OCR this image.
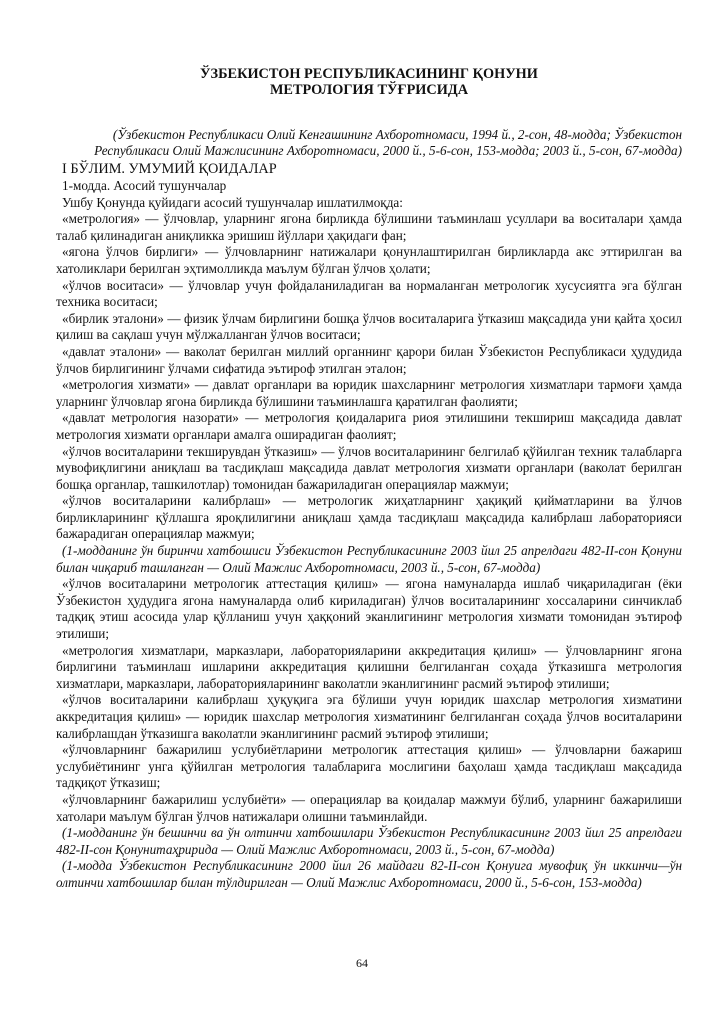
ЎЗБЕКИСТОН РЕСПУБЛИКАСИНИНГ ҚОНУНИ

МЕТРОЛОГИЯ ТЎҒРИСИДА

(Ўзбекистон Республикаси Олий Кенгашининг Ахборотномаси, 1994 й., 2-сон, 48-модда; Ўзбекистон Республикаси Олий Мажлисининг Ахборотномаси, 2000 й., 5-6-сон, 153-модда; 2003 й., 5-сон, 67-модда)

I БЎЛИМ. УМУМИЙ ҚОИДАЛАР

1-модда. Асосий тушунчалар

Ушбу Қонунда қуйидаги асосий тушунчалар ишлатилмоқда:

«метрология» — ўлчовлар, уларнинг ягона бирликда бўлишини таъминлаш усуллари ва воситалари ҳамда талаб қилинадиган аниқликка эришиш йўллари ҳақидаги фан;

«ягона ўлчов бирлиги» — ўлчовларнинг натижалари қонунлаштирилган бирликларда акс эттирилган ва хатоликлари берилган эҳтимолликда маълум бўлган ўлчов ҳолати;

«ўлчов воситаси» — ўлчовлар учун фойдаланиладиган ва нормаланган метрологик хусусиятга эга бўлган техника воситаси;

«бирлик эталони» — физик ўлчам бирлигини бошқа ўлчов воситаларига ўтказиш мақсадида уни қайта ҳосил қилиш ва сақлаш учун мўлжалланган ўлчов воситаси;

«давлат эталони» — ваколат берилган миллий органнинг қарори билан Ўзбекистон Республикаси ҳудудида ўлчов бирлигининг ўлчами сифатида эътироф этилган эталон;

«метрология хизмати» — давлат органлари ва юридик шахсларнинг метрология хизматлари тармоғи ҳамда уларнинг ўлчовлар ягона бирликда бўлишини таъминлашга қаратилган фаолияти;

«давлат метрология назорати» — метрология қоидаларига риоя этилишини текшириш мақсадида давлат метрология хизмати органлари амалга оширадиган фаолият;

«ўлчов воситаларини текширувдан ўтказиш» — ўлчов воситаларининг белгилаб қўйилган техник талабларга мувофиқлигини аниқлаш ва тасдиқлаш мақсадида давлат метрология хизмати органлари (ваколат берилган бошқа органлар, ташкилотлар) томонидан бажариладиган операциялар мажмуи;

«ўлчов воситаларини калибрлаш» — метрологик жиҳатларнинг ҳақиқий қийматларини ва ўлчов бирликларининг қўллашга яроқлилигини аниқлаш ҳамда тасдиқлаш мақсадида калибрлаш лабораторияси бажарадиган операциялар мажмуи;

(1-модданинг ўн биринчи хатбошиси Ўзбекистон Республикасининг 2003 йил 25 апрелдаги 482-II-сон Қонуни билан чиқариб ташланган — Олий Мажлис Ахборотномаси, 2003 й., 5-сон, 67-модда)

«ўлчов воситаларини метрологик аттестация қилиш» — ягона намуналарда ишлаб чиқариладиган (ёки Ўзбекистон ҳудудига ягона намуналарда олиб кириладиган) ўлчов воситаларининг хоссаларини синчиклаб тадқиқ этиш асосида улар қўлланиш учун ҳаққоний эканлигининг метрология хизмати томонидан эътироф этилиши;

«метрология хизматлари, марказлари, лабораторияларини аккредитация қилиш» — ўлчовларнинг ягона бирлигини таъминлаш ишларини аккредитация қилишни белгиланган соҳада ўтказишга метрология хизматлари, марказлари, лабораторияларининг ваколатли эканлигининг расмий эътироф этилиши;

«ўлчов воситаларини калибрлаш ҳуқуқига эга бўлиши учун юридик шахслар метрология хизматини аккредитация қилиш» — юридик шахслар метрология хизматининг белгиланган соҳада ўлчов воситаларини калибрлашдан ўтказишга ваколатли эканлигининг расмий эътироф этилиши;

«ўлчовларнинг бажарилиш услубиётларини метрологик аттестация қилиш» — ўлчовларни бажариш услубиётининг унга қўйилган метрология талабларига мослигини баҳолаш ҳамда тасдиқлаш мақсадида тадқиқот ўтказиш;

«ўлчовларнинг бажарилиш услубиёти» — операциялар ва қоидалар мажмуи бўлиб, уларнинг бажарилиши хатолари маълум бўлган ўлчов натижалари олишни таъминлайди.

(1-модданинг ўн бешинчи ва ўн олтинчи хатбошилари Ўзбекистон Республикасининг 2003 йил 25 апрелдаги 482-II-сон Қонунитаҳририда — Олий Мажлис Ахборотномаси, 2003 й., 5-сон, 67-модда)

(1-модда Ўзбекистон Республикасининг 2000 йил 26 майдаги 82-II-сон Қонуига мувофиқ ўн иккинчи—ўн олтинчи хатбошилар билан тўлдирилган — Олий Мажлис Ахборотномаси, 2000 й., 5-6-сон, 153-модда)

64
